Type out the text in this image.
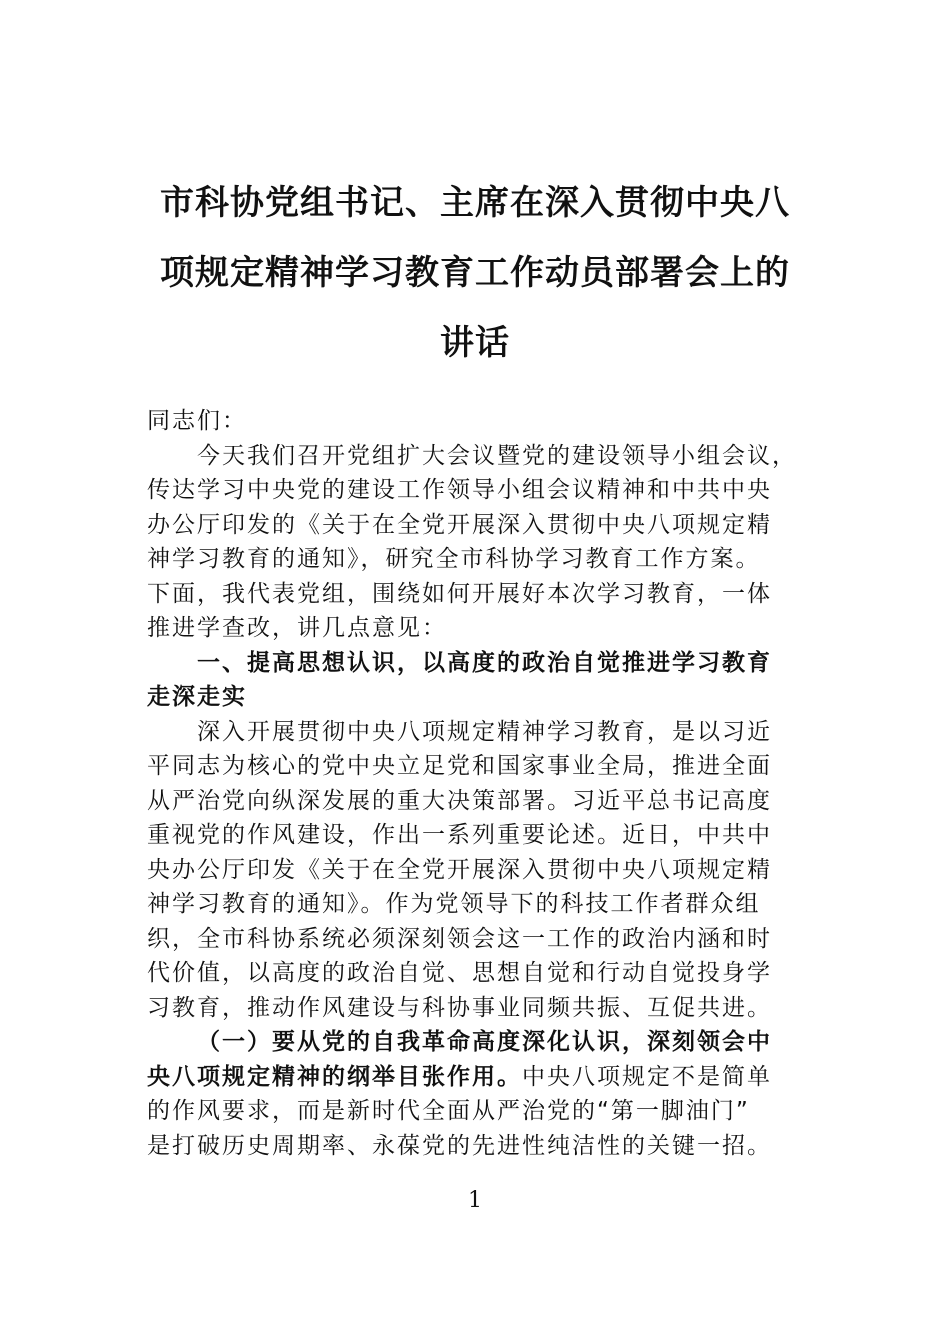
市科协党组书记、主席在深入贯彻中央八
项规定精神学习教育工作动员部署会上的
讲话
同志们：
今天我们召开党组扩大会议暨党的建设领导小组会议，
传达学习中央党的建设工作领导小组会议精神和中共中央
办公厅印发的《关于在全党开展深入贯彻中央八项规定精
神学习教育的通知》，研究全市科协学习教育工作方案。
下面，我代表党组，围绕如何开展好本次学习教育，一体
推进学查改，讲几点意见：
一、提高思想认识，以高度的政治自觉推进学习教育
走深走实
深入开展贯彻中央八项规定精神学习教育，是以习近
平同志为核心的党中央立足党和国家事业全局，推进全面
从严治党向纵深发展的重大决策部署。习近平总书记高度
重视党的作风建设，作出一系列重要论述。近日，中共中
央办公厅印发《关于在全党开展深入贯彻中央八项规定精
神学习教育的通知》。作为党领导下的科技工作者群众组
织，全市科协系统必须深刻领会这一工作的政治内涵和时
代价值，以高度的政治自觉、思想自觉和行动自觉投身学
习教育，推动作风建设与科协事业同频共振、互促共进。
（一）要从党的自我革命高度深化认识，深刻领会中
央八项规定精神的纲举目张作用。中央八项规定不是简单
的作风要求，而是新时代全面从严治党的“第一脚油门”
是打破历史周期率、永葆党的先进性纯洁性的关键一招。
1
